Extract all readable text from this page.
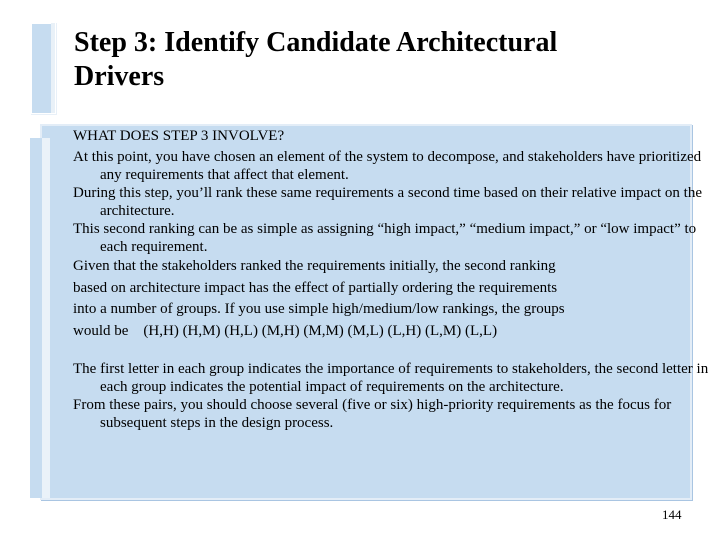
Step 3: Identify Candidate Architectural
Drivers

WHAT DOES STEP 3 INVOLVE?

At this point, you have chosen an element of the system to decompose, and stakeholders have prioritized any requirements that affect that element.

During this step, you’ll rank these same requirements a second time based on their relative impact on the architecture.

This second ranking can be as simple as assigning “high impact,” “medium impact,” or “low impact” to each requirement.

Given that the stakeholders ranked the requirements initially, the second ranking

based on architecture impact has the effect of partially ordering the requirements

into a number of groups. If you use simple high/medium/low rankings, the groups

would be    (H,H) (H,M) (H,L) (M,H) (M,M) (M,L) (L,H) (L,M) (L,L)

The first letter in each group indicates the importance of requirements to stakeholders, the second letter in each group indicates the potential impact of requirements on the architecture.

From these pairs, you should choose several (five or six) high-priority requirements as the focus for subsequent steps in the design process.

144
